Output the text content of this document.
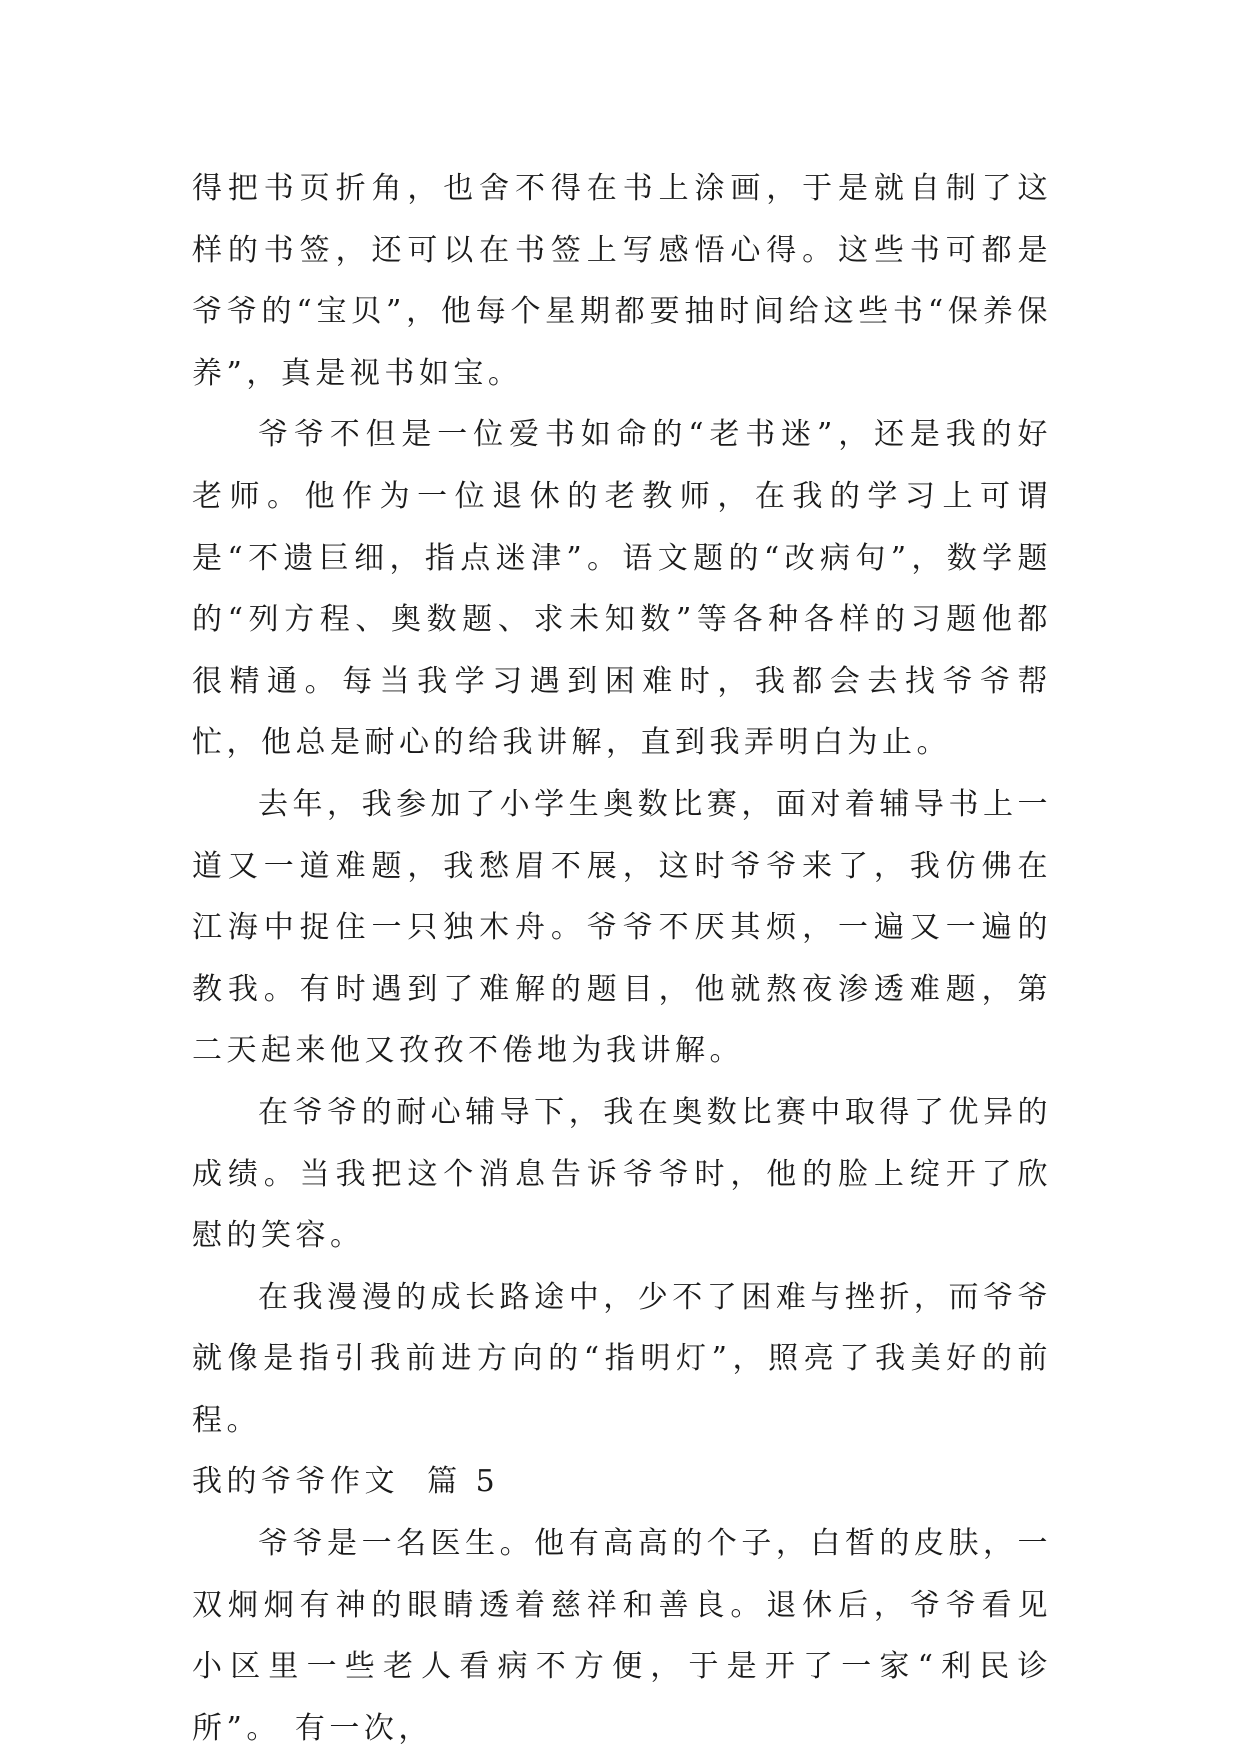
得把书页折角，也舍不得在书上涂画，于是就自制了这样的书签，还可以在书签上写感悟心得。这些书可都是爷爷的“宝贝”，他每个星期都要抽时间给这些书“保养保养”，真是视书如宝。

爷爷不但是一位爱书如命的“老书迷”，还是我的好老师。他作为一位退休的老教师，在我的学习上可谓是“不遗巨细，指点迷津”。语文题的“改病句”，数学题的“列方程、奥数题、求未知数”等各种各样的习题他都很精通。每当我学习遇到困难时，我都会去找爷爷帮忙，他总是耐心的给我讲解，直到我弄明白为止。

去年，我参加了小学生奥数比赛，面对着辅导书上一道又一道难题，我愁眉不展，这时爷爷来了，我仿佛在江海中捉住一只独木舟。爷爷不厌其烦，一遍又一遍的教我。有时遇到了难解的题目，他就熬夜渗透难题，第二天起来他又孜孜不倦地为我讲解。

在爷爷的耐心辅导下，我在奥数比赛中取得了优异的成绩。当我把这个消息告诉爷爷时，他的脸上绽开了欣慰的笑容。

在我漫漫的成长路途中，少不了困难与挫折，而爷爷就像是指引我前进方向的“指明灯”，照亮了我美好的前程。

我的爷爷作文  篇 5

爷爷是一名医生。他有高高的个子，白皙的皮肤，一双炯炯有神的眼睛透着慈祥和善良。退休后，爷爷看见小区里一些老人看病不方便，于是开了一家“利民诊所”。 有一次，
